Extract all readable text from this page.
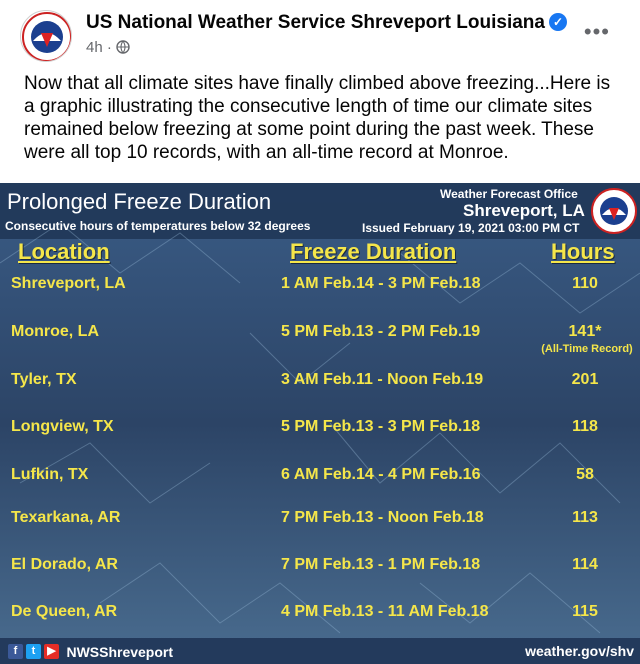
US National Weather Service Shreveport Louisiana ✓
4h ·
•••
Now that all climate sites have finally climbed above freezing...Here is a graphic illustrating the consecutive length of time our climate sites remained below freezing at some point during the past week. These were all top 10 records, with an all-time record at Monroe.
Prolonged Freeze Duration
Consecutive hours of temperatures below 32 degrees
Weather Forecast Office
Shreveport, LA
Issued February 19, 2021 03:00 PM CT
Location	Freeze Duration	Hours
Shreveport, LA	1 AM Feb.14 - 3 PM Feb.18	110
Monroe, LA	5 PM Feb.13 - 2 PM Feb.19	141*
(All-Time Record)
Tyler, TX	3 AM Feb.11 - Noon Feb.19	201
Longview, TX	5 PM Feb.13 - 3 PM Feb.18	118
Lufkin, TX	6 AM Feb.14 - 4 PM Feb.16	58
Texarkana, AR	7 PM Feb.13 - Noon Feb.18	113
El Dorado, AR	7 PM Feb.13 - 1 PM Feb.18	114
De Queen, AR	4 PM Feb.13 - 11 AM Feb.18	115
f t ▶ NWSShreveport	weather.gov/shv
